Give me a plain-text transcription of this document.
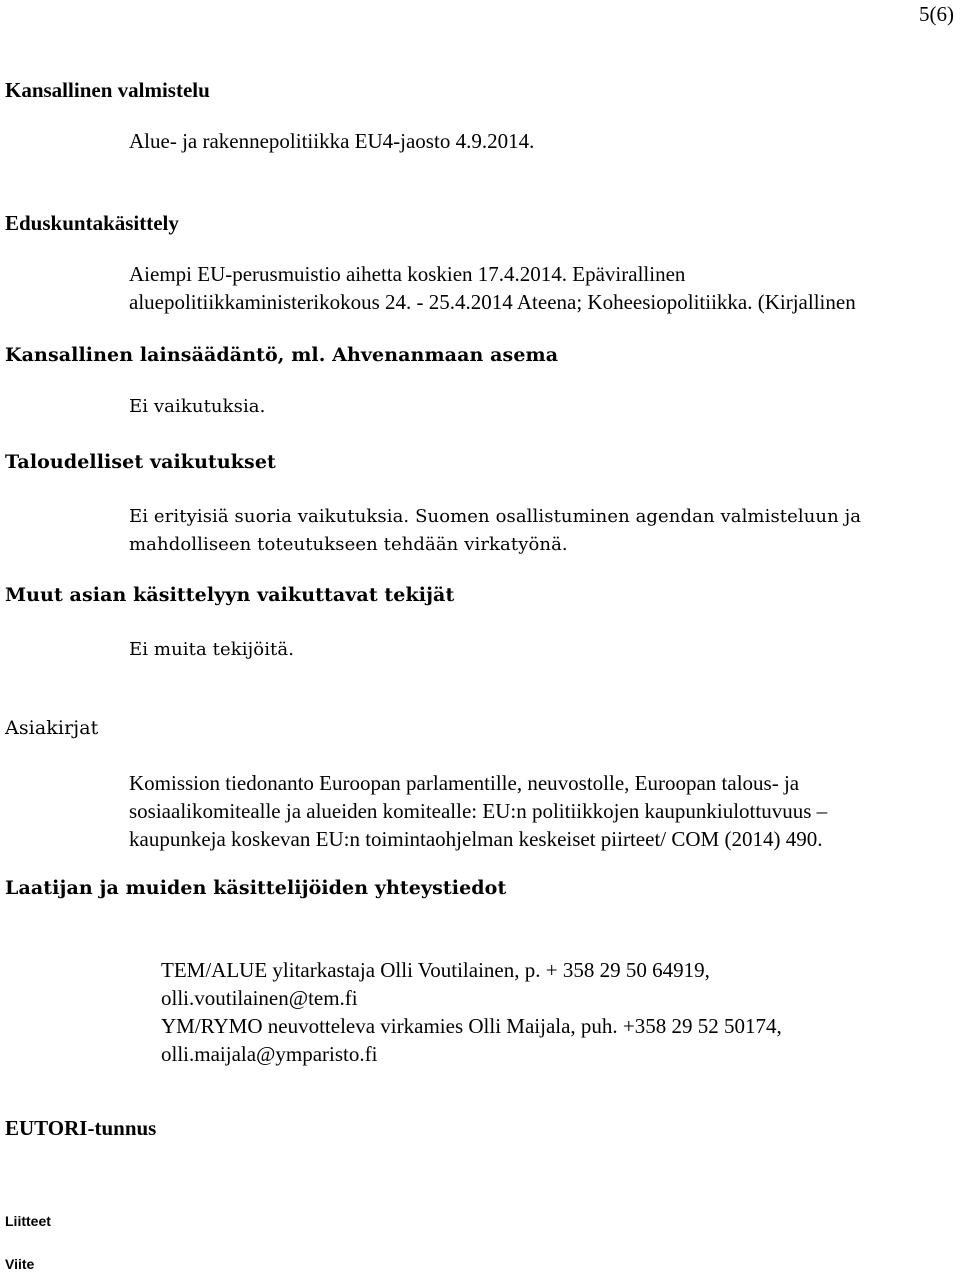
5(6)
Kansallinen valmistelu
Alue- ja rakennepolitiikka EU4-jaosto 4.9.2014.
Eduskuntakäsittely
Aiempi EU-perusmuistio aihetta koskien 17.4.2014. Epävirallinen
aluepolitiikkaministerikokous 24. - 25.4.2014 Ateena; Koheesiopolitiikka. (Kirjallinen
Kansallinen lainsäädäntö, ml. Ahvenanmaan asema
Ei vaikutuksia.
Taloudelliset vaikutukset
Ei erityisiä suoria vaikutuksia. Suomen osallistuminen agendan valmisteluun ja
mahdolliseen toteutukseen tehdään virkatyönä.
Muut asian käsittelyyn vaikuttavat tekijät
Ei muita tekijöitä.
Asiakirjat
Komission tiedonanto Euroopan parlamentille, neuvostolle, Euroopan talous- ja
sosiaalikomitealle ja alueiden komitealle: EU:n politiikkojen kaupunkiulottuvuus –
kaupunkeja koskevan EU:n toimintaohjelman keskeiset piirteet/ COM (2014) 490.
Laatijan ja muiden käsittelijöiden yhteystiedot
TEM/ALUE ylitarkastaja Olli Voutilainen, p. + 358 29 50 64919,
olli.voutilainen@tem.fi
YM/RYMO neuvotteleva virkamies Olli Maijala, puh. +358 29 52 50174,
olli.maijala@ymparisto.fi
EUTORI-tunnus
Liitteet
Viite
